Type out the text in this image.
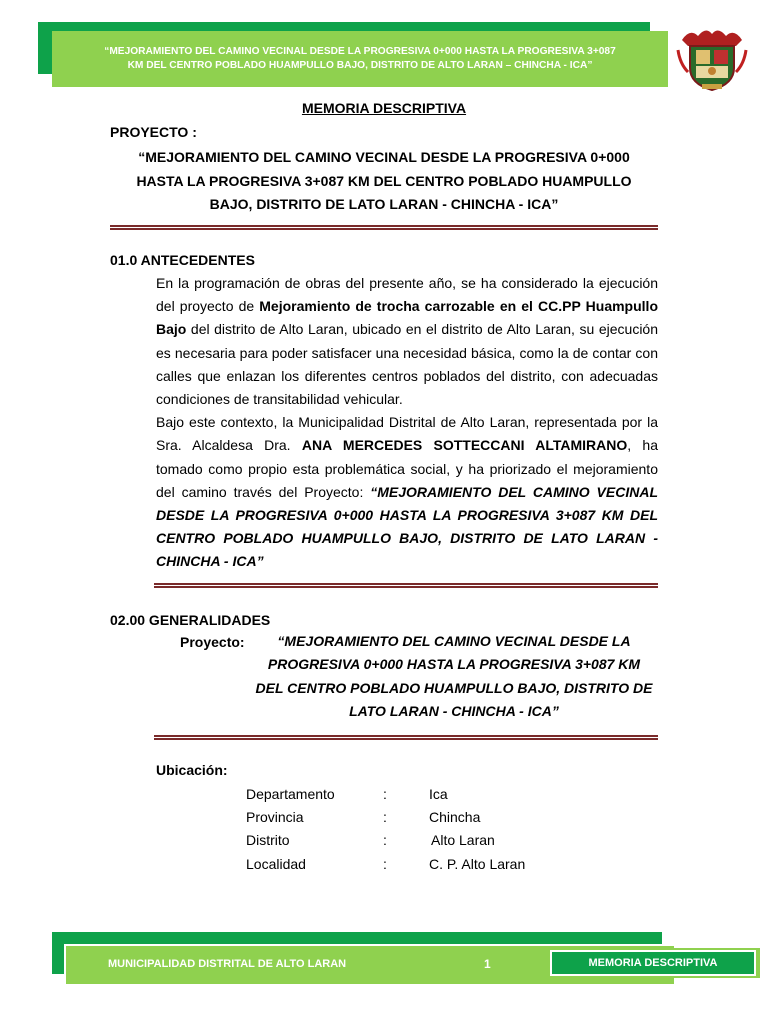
“MEJORAMIENTO DEL CAMINO VECINAL DESDE LA PROGRESIVA 0+000 HASTA LA PROGRESIVA 3+087
KM DEL CENTRO POBLADO HUAMPULLO BAJO, DISTRITO DE ALTO LARAN – CHINCHA - ICA”
MEMORIA DESCRIPTIVA
PROYECTO :
“MEJORAMIENTO DEL CAMINO VECINAL DESDE LA PROGRESIVA 0+000
HASTA LA PROGRESIVA 3+087 KM DEL CENTRO POBLADO HUAMPULLO
BAJO, DISTRITO DE LATO LARAN - CHINCHA - ICA”
01.0 ANTECEDENTES
En la programación de obras del presente año, se ha considerado la ejecución
del proyecto de Mejoramiento de trocha carrozable en el CC.PP Huampullo
Bajo del distrito de Alto Laran, ubicado en el distrito de Alto Laran, su ejecución
es necesaria para poder satisfacer una necesidad básica, como la de contar con
calles que enlazan los diferentes centros poblados del distrito, con adecuadas
condiciones de transitabilidad vehicular.
Bajo este contexto, la Municipalidad Distrital de Alto Laran, representada por la
Sra. Alcaldesa Dra. ANA MERCEDES SOTTECCANI ALTAMIRANO, ha
tomado como propio esta problemática social, y ha priorizado el mejoramiento
del camino través del Proyecto: “MEJORAMIENTO DEL CAMINO VECINAL
DESDE LA PROGRESIVA 0+000 HASTA LA PROGRESIVA 3+087 KM DEL
CENTRO POBLADO HUAMPULLO BAJO, DISTRITO DE LATO LARAN -
CHINCHA - ICA”
02.00 GENERALIDADES
Proyecto:	“MEJORAMIENTO DEL CAMINO VECINAL DESDE LA
PROGRESIVA 0+000 HASTA LA PROGRESIVA 3+087 KM
DEL CENTRO POBLADO HUAMPULLO BAJO, DISTRITO DE
LATO LARAN - CHINCHA - ICA”
Ubicación:
Departamento	:	Ica
Provincia	:	Chincha
Distrito	:	Alto Laran
Localidad	:	C. P. Alto Laran
MUNICIPALIDAD DISTRITAL DE ALTO LARAN	1	MEMORIA DESCRIPTIVA
